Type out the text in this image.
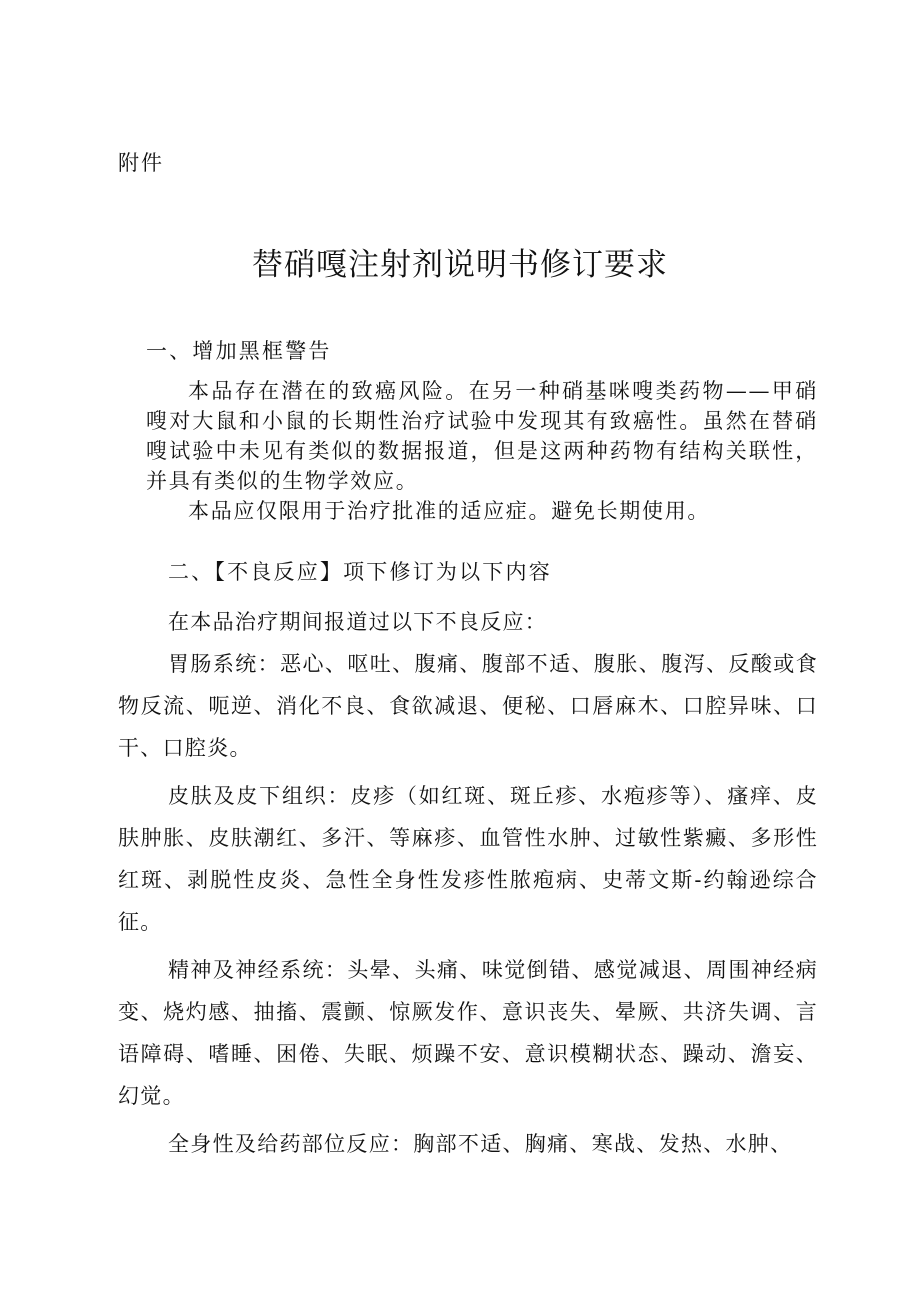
附件
替硝嘎注射剂说明书修订要求
一、增加黑框警告

本品存在潜在的致癌风险。在另一种硝基咪嗖类药物——甲硝嗖对大鼠和小鼠的长期性治疗试验中发现其有致癌性。虽然在替硝嗖试验中未见有类似的数据报道，但是这两种药物有结构关联性，并具有类似的生物学效应。

本品应仅限用于治疗批准的适应症。避免长期使用。

二、【不良反应】项下修订为以下内容

在本品治疗期间报道过以下不良反应：

胃肠系统：恶心、呕吐、腹痛、腹部不适、腹胀、腹泻、反酸或食物反流、呃逆、消化不良、食欲减退、便秘、口唇麻木、口腔异味、口干、口腔炎。

皮肤及皮下组织：皮疹（如红斑、斑丘疹、水疱疹等）、瘙痒、皮肤肿胀、皮肤潮红、多汗、等麻疹、血管性水肿、过敏性紫癜、多形性红斑、剥脱性皮炎、急性全身性发疹性脓疱病、史蒂文斯-约翰逊综合征。

精神及神经系统：头晕、头痛、味觉倒错、感觉减退、周围神经病变、烧灼感、抽搐、震颤、惊厥发作、意识丧失、晕厥、共济失调、言语障碍、嗜睡、困倦、失眠、烦躁不安、意识模糊状态、躁动、澹妄、幻觉。

全身性及给药部位反应：胸部不适、胸痛、寒战、发热、水肿、
